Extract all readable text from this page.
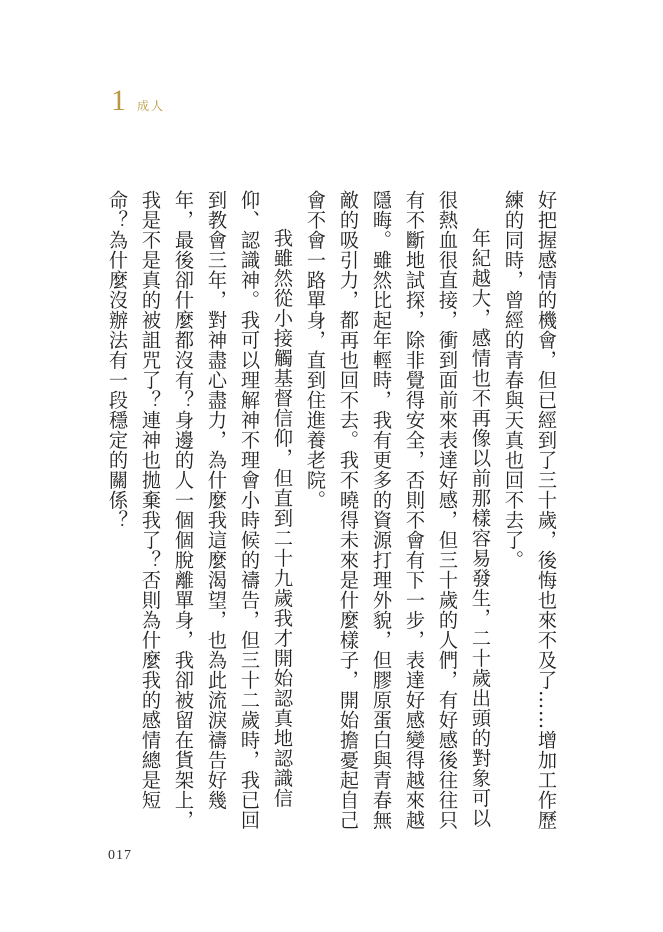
1 成人

好把握感情的機會，但已經到了三十歲，後悔也來不及了……增加工作歷練的同時，曾經的青春與天真也回不去了。

年紀越大，感情也不再像以前那樣容易發生，二十歲出頭的對象可以很熱血很直接，衝到面前來表達好感，但三十歲的人們，有好感後往往只有不斷地試探，除非覺得安全，否則不會有下一步，表達好感變得越來越隱晦。雖然比起年輕時，我有更多的資源打理外貌，但膠原蛋白與青春無敵的吸引力，都再也回不去。我不曉得未來是什麼樣子，開始擔憂起自己會不會一路單身，直到住進養老院。

我雖然從小接觸基督信仰，但直到二十九歲我才開始認真地認識信仰、認識神。我可以理解神不理會小時候的禱告，但三十二歲時，我已回到教會三年，對神盡心盡力，為什麼我這麼渴望，也為此流淚禱告好幾年，最後卻什麼都沒有？身邊的人一個個脫離單身，我卻被留在貨架上，我是不是真的被詛咒了？連神也拋棄我了？否則為什麼我的感情總是短命？為什麼沒辦法有一段穩定的關係？

017
